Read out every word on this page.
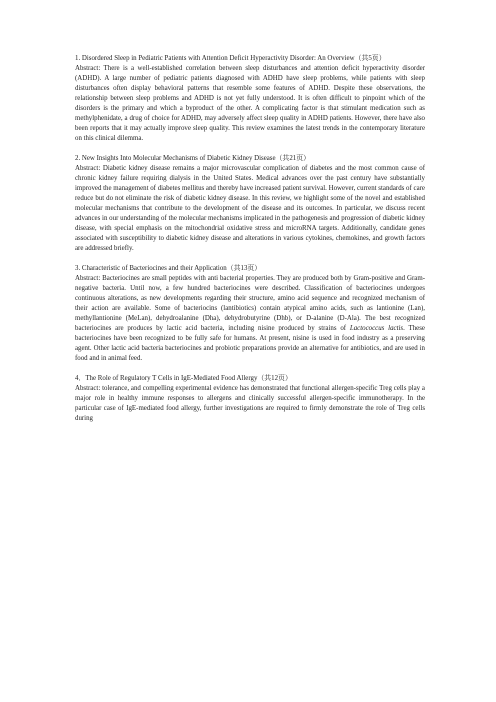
1. Disordered Sleep in Pediatric Patients with Attention Deficit Hyperactivity Disorder: An Overview（共5页）
Abstract: There is a well-established correlation between sleep disturbances and attention deficit hyperactivity disorder (ADHD). A large number of pediatric patients diagnosed with ADHD have sleep problems, while patients with sleep disturbances often display behavioral patterns that resemble some features of ADHD. Despite these observations, the relationship between sleep problems and ADHD is not yet fully understood. It is often difficult to pinpoint which of the disorders is the primary and which a byproduct of the other. A complicating factor is that stimulant medication such as methylphenidate, a drug of choice for ADHD, may adversely affect sleep quality in ADHD patients. However, there have also been reports that it may actually improve sleep quality. This review examines the latest trends in the contemporary literature on this clinical dilemma.
2. New Insights Into Molecular Mechanisms of Diabetic Kidney Disease（共21页）
Abstract: Diabetic kidney disease remains a major microvascular complication of diabetes and the most common cause of chronic kidney failure requiring dialysis in the United States. Medical advances over the past century have substantially improved the management of diabetes mellitus and thereby have increased patient survival. However, current standards of care reduce but do not eliminate the risk of diabetic kidney disease. In this review, we highlight some of the novel and established molecular mechanisms that contribute to the development of the disease and its outcomes. In particular, we discuss recent advances in our understanding of the molecular mechanisms implicated in the pathogenesis and progression of diabetic kidney disease, with special emphasis on the mitochondrial oxidative stress and microRNA targets. Additionally, candidate genes associated with susceptibility to diabetic kidney disease and alterations in various cytokines, chemokines, and growth factors are addressed briefly.
3. Characteristic of Bacteriocines and their Application（共13页）
Abstract: Bacteriocines are small peptides with anti bacterial properties. They are produced both by Gram-positive and Gram-negative bacteria. Until now, a few hundred bacteriocines were described. Classification of bacteriocines undergoes continuous alterations, as new developments regarding their structure, amino acid sequence and recognized mechanism of their action are available. Some of bacteriocins (lantibiotics) contain atypical amino acids, such as lantionine (Lan), methyllantionine (MeLan), dehydroalanine (Dha), dehydrobutyrine (Dhb), or D-alanine (D-Ala). The best recognized bacteriocines are produces by lactic acid bacteria, including nisine produced by strains of Lactococcus lactis. These bacteriocines have been recognized to be fully safe for humans. At present, nisine is used in food industry as a preserving agent. Other lactic acid bacteria bacteriocines and probiotic preparations provide an alternative for antibiotics, and are used in food and in animal feed.
4．The Role of Regulatory T Cells in IgE-Mediated Food Allergy（共12页）
Abstract: tolerance, and compelling experimental evidence has demonstrated that functional allergen-specific Treg cells play a major role in healthy immune responses to allergens and clinically successful allergen-specific immunotherapy. In the particular case of IgE-mediated food allergy, further investigations are required to firmly demonstrate the role of Treg cells during
